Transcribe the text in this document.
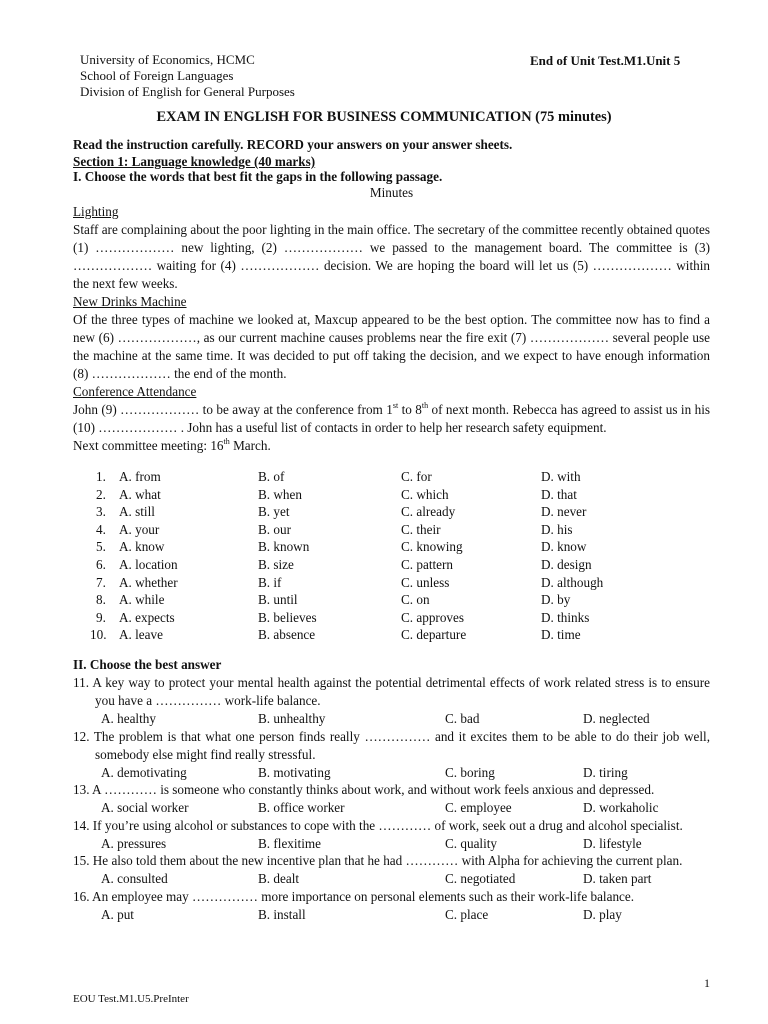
University of Economics, HCMC
School of Foreign Languages
Division of English for General Purposes
End of Unit Test.M1.Unit 5
EXAM IN ENGLISH FOR BUSINESS COMMUNICATION (75 minutes)
Read the instruction carefully. RECORD your answers on your answer sheets.
Section 1: Language knowledge (40 marks)
I. Choose the words that best fit the gaps in the following passage.
Minutes
Lighting
Staff are complaining about the poor lighting in the main office. The secretary of the committee recently obtained quotes (1) ……………… new lighting, (2) ……………… we passed to the management board. The committee is (3) ……………… waiting for (4) ……………… decision. We are hoping the board will let us (5) ……………… within the next few weeks.
New Drinks Machine
Of the three types of machine we looked at, Maxcup appeared to be the best option. The committee now has to find a new (6) ………………, as our current machine causes problems near the fire exit (7) ……………… several people use the machine at the same time. It was decided to put off taking the decision, and we expect to have enough information (8) ……………… the end of the month.
Conference Attendance
John (9) ……………… to be away at the conference from 1st to 8th of next month. Rebecca has agreed to assist us in his (10) ……………… . John has a useful list of contacts in order to help her research safety equipment.
Next committee meeting: 16th March.
1. A. from	B. of	C. for	D. with
2. A. what	B. when	C. which	D. that
3. A. still	B. yet	C. already	D. never
4. A. your	B. our	C. their	D. his
5. A. know	B. known	C. knowing	D. know
6. A. location	B. size	C. pattern	D. design
7. A. whether	B. if	C. unless	D. although
8. A. while	B. until	C. on	D. by
9. A. expects	B. believes	C. approves	D. thinks
10. A. leave	B. absence	C. departure	D. time
II. Choose the best answer
11. A key way to protect your mental health against the potential detrimental effects of work related stress is to ensure you have a …………… work-life balance.
A. healthy	B. unhealthy	C. bad	D. neglected
12. The problem is that what one person finds really …………… and it excites them to be able to do their job well, somebody else might find really stressful.
A. demotivating	B. motivating	C. boring	D. tiring
13. A ………… is someone who constantly thinks about work, and without work feels anxious and depressed.
A. social worker	B. office worker	C. employee	D. workaholic
14. If you’re using alcohol or substances to cope with the ………… of work, seek out a drug and alcohol specialist.
A. pressures	B. flexitime	C. quality	D. lifestyle
15. He also told them about the new incentive plan that he had ………… with Alpha for achieving the current plan.
A. consulted	B. dealt	C. negotiated	D. taken part
16. An employee may …………… more importance on personal elements such as their work-life balance.
A. put	B. install	C. place	D. play
1
EOU Test.M1.U5.PreInter
